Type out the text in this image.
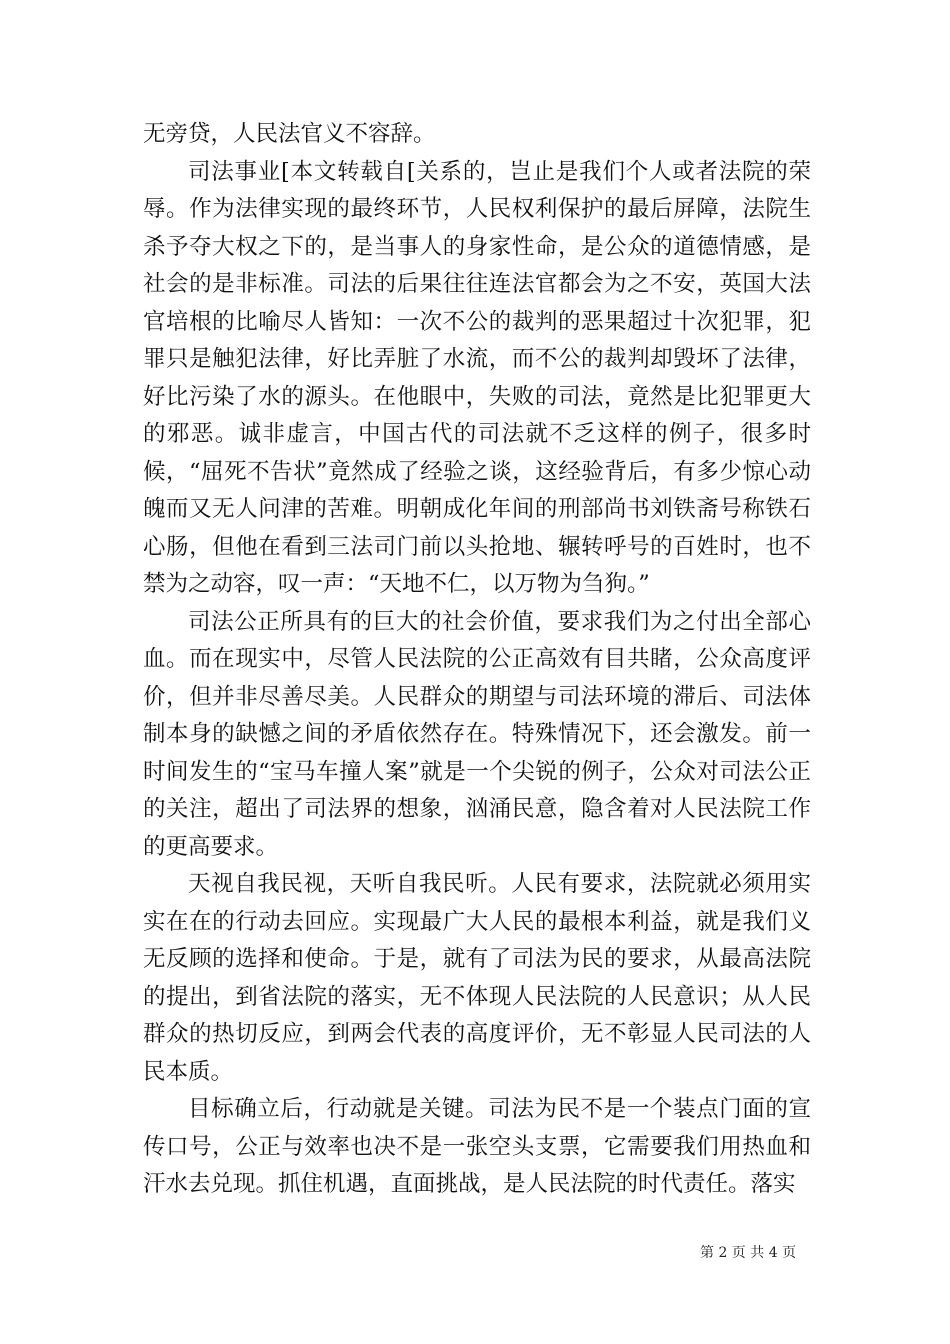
无旁贷，人民法官义不容辞。

司法事业[本文转载自[关系的，岂止是我们个人或者法院的荣辱。作为法律实现的最终环节，人民权利保护的最后屏障，法院生杀予夺大权之下的，是当事人的身家性命，是公众的道德情感，是社会的是非标准。司法的后果往往连法官都会为之不安，英国大法官培根的比喻尽人皆知：一次不公的裁判的恶果超过十次犯罪，犯罪只是触犯法律，好比弄脏了水流，而不公的裁判却毁坏了法律，好比污染了水的源头。在他眼中，失败的司法，竟然是比犯罪更大的邪恶。诚非虚言，中国古代的司法就不乏这样的例子，很多时候，“屈死不告状”竟然成了经验之谈，这经验背后，有多少惊心动魄而又无人问津的苦难。明朝成化年间的刑部尚书刘铁斋号称铁石心肠，但他在看到三法司门前以头抢地、辗转呼号的百姓时，也不禁为之动容，叹一声：“天地不仁，以万物为刍狗。”

司法公正所具有的巨大的社会价值，要求我们为之付出全部心血。而在现实中，尽管人民法院的公正高效有目共睹，公众高度评价，但并非尽善尽美。人民群众的期望与司法环境的滞后、司法体制本身的缺憾之间的矛盾依然存在。特殊情况下，还会激发。前一时间发生的“宝马车撞人案”就是一个尖锐的例子，公众对司法公正的关注，超出了司法界的想象，汹涌民意，隐含着对人民法院工作的更高要求。

天视自我民视，天听自我民听。人民有要求，法院就必须用实实在在的行动去回应。实现最广大人民的最根本利益，就是我们义无反顾的选择和使命。于是，就有了司法为民的要求，从最高法院的提出，到省法院的落实，无不体现人民法院的人民意识；从人民群众的热切反应，到两会代表的高度评价，无不彰显人民司法的人民本质。

目标确立后，行动就是关键。司法为民不是一个装点门面的宣传口号，公正与效率也决不是一张空头支票，它需要我们用热血和汗水去兑现。抓住机遇，直面挑战，是人民法院的时代责任。落实

第 2 页 共 4 页
